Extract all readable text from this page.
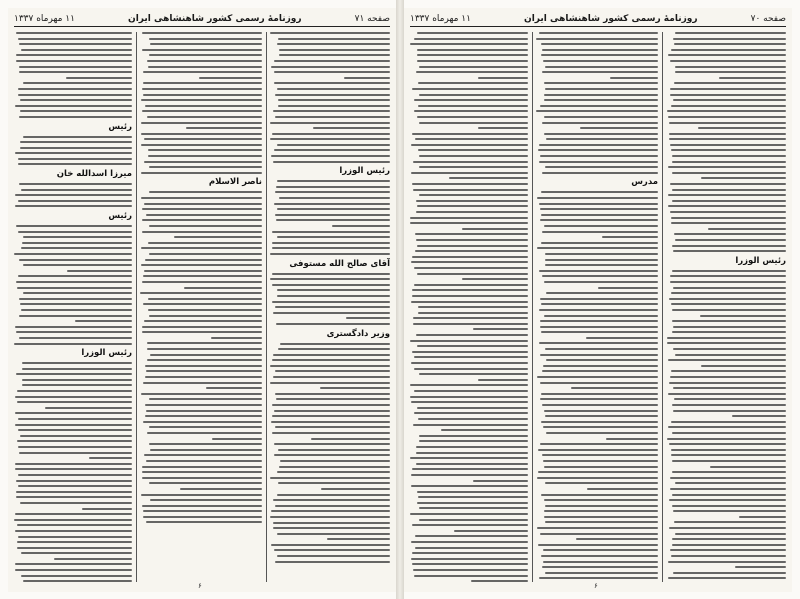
صفحه ۷۱
روزنامهٔ رسمی کشور شاهنشاهی ایران
۱۱ مهرماه ۱۳۳۷
رئیس
میرزا اسدالله خان
رئیس
رئیس الوزرا
ناصر الاسلام
رئیس الوزرا
آقای صالح الله مستوفی
وزیر دادگستری
۶
صفحه ۷۰
روزنامهٔ رسمی کشور شاهنشاهی ایران
۱۱ مهرماه ۱۳۳۷
مدرس
رئیس الوزرا
۶
